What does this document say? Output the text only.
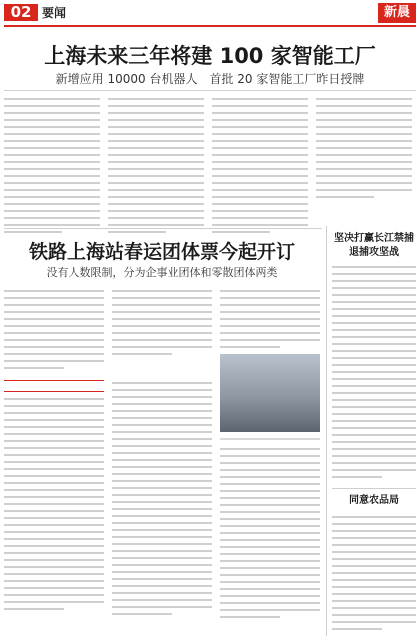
02 要闻	新晨
上海未来三年将建 100 家智能工厂
新增应用 10000 台机器人　首批 20 家智能工厂昨日授牌
铁路上海站春运团体票今起开订
没有人数限制，分为企事业团体和零散团体两类
坚决打赢长江禁捕退捕攻坚战
同意农品局
